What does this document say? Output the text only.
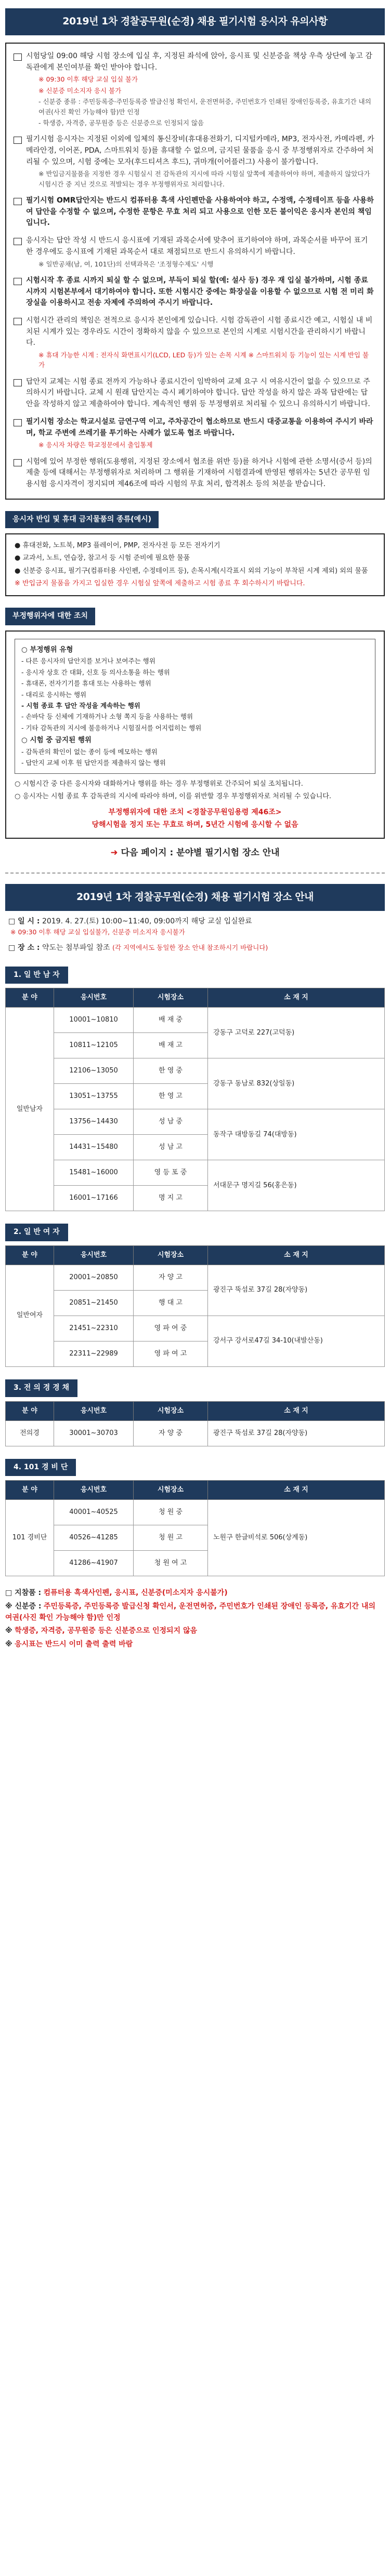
2019년 1차 경찰공무원(순경) 채용 필기시험 응시자 유의사항
시험당일 09:00 해당 시험 장소에 입실 후, 지정된 좌석에 앉아, 응시표 및 신분증을 책상 우측 상단에 놓고 감독관에게 본인여부를 확인 받아야 합니다.
※ 09:30 이후 해당 교실 입실 불가
※ 신분증 미소지자 응시 불가
- 신분증 종류 : 주민등록증·주민등록증 발급신청 확인서, 운전면허증, 주민번호가 인쇄된 장애인등록증, 유효기간 내의 여권(사진 확인 가능해야 함)만 인정
- 학생증, 자격증, 공무원증 등은 신분증으로 인정되지 않음
필기시험 응시자는 지정된 이외에 일체의 통신장비(휴대용전화기, 디지털카메라, MP3, 전자사전, 카메라펜, 카메라안경, 이어폰, PDA, 스마트워치 등)를 휴대할 수 없으며, 금지된 물품을 응시 중 부정행위자로 간주하여 처리될 수 있으며, 시험 중에는 모자(후드티셔츠 후드), 귀마개(이어플러그) 사용이 불가합니다.
※ 반입금지물품을 지정한 경우 시험실시 전 감독관의 지시에 따라 시험실 앞쪽에 제출하여야 하며, 제출하지 않았다가 시험시간 중 지닌 것으로 적발되는 경우 부정행위자로 처리합니다.
필기시험 OMR답안지는 반드시 컴퓨터용 흑색 사인펜만을 사용하여야 하고, 수정액, 수정테이프 등을 사용하여 답안을 수정할 수 없으며, 수정한 문항은 무효 처리 되고 사용으로 인한 모든 불이익은 응시자 본인의 책임입니다.
응시자는 답안 작성 시 반드시 응시표에 기재된 과목순서에 맞추어 표기하여야 하며, 과목순서를 바꾸어 표기한 경우에도 응시표에 기재된 과목순서 대로 채점되므로 반드시 유의하시기 바랍니다.
※ 일반공채(남, 여, 101단)의 선택과목은 '조정형수제도' 시행
시험시작 후 종료 시까지 퇴실 할 수 없으며, 부득이 퇴실 할(예: 설사 등) 경우 재 입실 불가하며, 시험 종료 시까지 시험본부에서 대기하여야 합니다. 또한 시험시간 중에는 화장실을 이용할 수 없으므로 시험 전 미리 화장실을 이용하시고 전송 자제에 주의하여 주시기 바랍니다.
시험시간 관리의 책임은 전적으로 응시자 본인에게 있습니다. 시험 감독관이 시험 종료시간 예고, 시험실 내 비치된 시계가 있는 경우라도 시간이 정확하지 않을 수 있으므로 본인의 시계로 시험시간을 관리하시기 바랍니다.
※ 휴대 가능한 시계 : 전자식 화면표시기(LCD, LED 등)가 있는 손목 시계 ※ 스마트워치 등 기능이 있는 시계 반입 불가
답안지 교체는 시험 종료 전까지 가능하나 종료시간이 임박하여 교체 요구 시 여유시간이 없을 수 있으므로 주의하시기 바랍니다. 교체 시 원래 답안지는 즉시 폐기하여야 합니다. 답안 작성을 하지 않은 과목 답란에는 답안을 작성하지 않고 제출하여야 합니다. 계속적인 행위 등 부정행위로 처리될 수 있으니 유의하시기 바랍니다.
필기시험 장소는 학교시설로 금연구역 이고, 주차공간이 협소하므로 반드시 대중교통을 이용하여 주시기 바라며, 학교 주변에 쓰레기를 투기하는 사례가 없도록 협조 바랍니다.
※ 응시자 차량은 학교정문에서 출입통제
시험에 있어 부정한 행위(도용행위, 지정된 장소에서 협조를 위반 등)를 하거나 시험에 관한 소명서(증서 등)의 제출 등에 대해서는 부정행위자로 처리하며 그 행위를 기재하여 시험결과에 반영된 행위자는 5년간 공무원 임용시험 응시자격이 정지되며 제46조에 따라 시험의 무효 처리, 합격취소 등의 처분을 받습니다.
응시자 반입 및 휴대 금지물품의 종류(예시)
● 휴대전화, 노트북, MP3 플레이어, PMP, 전자사전 등 모든 전자기기
● 교과서, 노트, 연습장, 참고서 등 시험 준비에 필요한 물품
● 신분증 응시표, 필기구(컴퓨터용 사인펜, 수정테이프 등), 손목시계(시각표시 외의 기능이 부착된 시계 제외) 외의 물품
※ 반입금지 물품을 가지고 입실한 경우 시험실 앞쪽에 제출하고 시험 종료 후 회수하시기 바랍니다.
부정행위자에 대한 조치
○ 부정행위 유형
- 다른 응시자의 답안지를 보거나 보여주는 행위
- 응시자 상호 간 대화, 신호 등 의사소통을 하는 행위
- 휴대폰, 전자기기를 휴대 또는 사용하는 행위
- 대리로 응시하는 행위
- 시험 종료 후 답안 작성을 계속하는 행위
- 손바닥 등 신체에 기재하거나 소형 쪽지 등을 사용하는 행위
- 기타 감독관의 지시에 불응하거나 시험질서를 어지럽히는 행위
○ 시험 중 금지된 행위
- 감독관의 확인이 없는 종이 등에 메모하는 행위
- 답안지 교체 이후 원 답안지를 제출하지 않는 행위
○ 시험시간 중 다른 응시자와 대화하거나 행위를 하는 경우 부정행위로 간주되어 퇴실 조치됩니다.
○ 응시자는 시험 종료 후 감독관의 지시에 따라야 하며, 이를 위반할 경우 부정행위자로 처리될 수 있습니다.
부정행위자에 대한 조치 <경찰공무원임용령 제46조>
당해시험을 정지 또는 무효로 하며, 5년간 시험에 응시할 수 없음
➜ 다음 페이지 : 분야별 필기시험 장소 안내
2019년 1차 경찰공무원(순경) 채용 필기시험 장소 안내
□ 일 시 : 2019. 4. 27.(토) 10:00~11:40, 09:00까지 해당 교실 입실완료
※ 09:30 이후 해당 교실 입실불가, 신분증 미소지자 응시불가
□ 장 소 : 약도는 첨부파일 참조 (각 지역에서도 동일한 장소 안내 참조하시기 바랍니다)
1. 일 반 남 자
분 야	응시번호	시험장소	소 재 지
일반남자	10001~10810	배 재 중	강동구 고덕로 227(고덕동)
	10811~12105	배 재 고	
	12106~13050	한 영 중	강동구 동남로 832(상일동)
	13051~13755	한 영 고	
	13756~14430	성 남 중	동작구 대방동길 74(대방동)
	14431~15480	성 남 고	
	15481~16000	영 등 포 중	서대문구 명지길 56(홍은동)
	16001~17166	명 지 고	
2. 일 반 여 자
분 야	응시번호	시험장소	소 재 지
일반여자	20001~20850	자 양 고	광진구 뚝섬로 37길 28(자양동)
	20851~21450	행 대 고	
	21451~22310	영 파 여 중	강서구 강서로47길 34-10(내발산동)
	22311~22989	영 파 여 고	
3. 전 의 경 경 채
분 야	응시번호	시험장소	소 재 지
전의경	30001~30703	자 양 중	광진구 뚝섬로 37길 28(자양동)
4. 101 경 비 단
분 야	응시번호	시험장소	소 재 지
101 경비단	40001~40525	청 원 중	노원구 한글비석로 506(상계동)
	40526~41285	청 원 고	
	41286~41907	청 원 여 고	
□ 지참품 : 컴퓨터용 흑색사인펜, 응시표, 신분증(미소지자 응시불가)
※ 신분증 : 주민등록증, 주민등록증 발급신청 확인서, 운전면허증, 주민번호가 인쇄된 장애인 등록증, 유효기간 내의 여권(사진 확인 가능해야 함)만 인정
※ 학생증, 자격증, 공무원증 등은 신분증으로 인정되지 않음
※ 응시표는 반드시 이미 출력 출력 바람
